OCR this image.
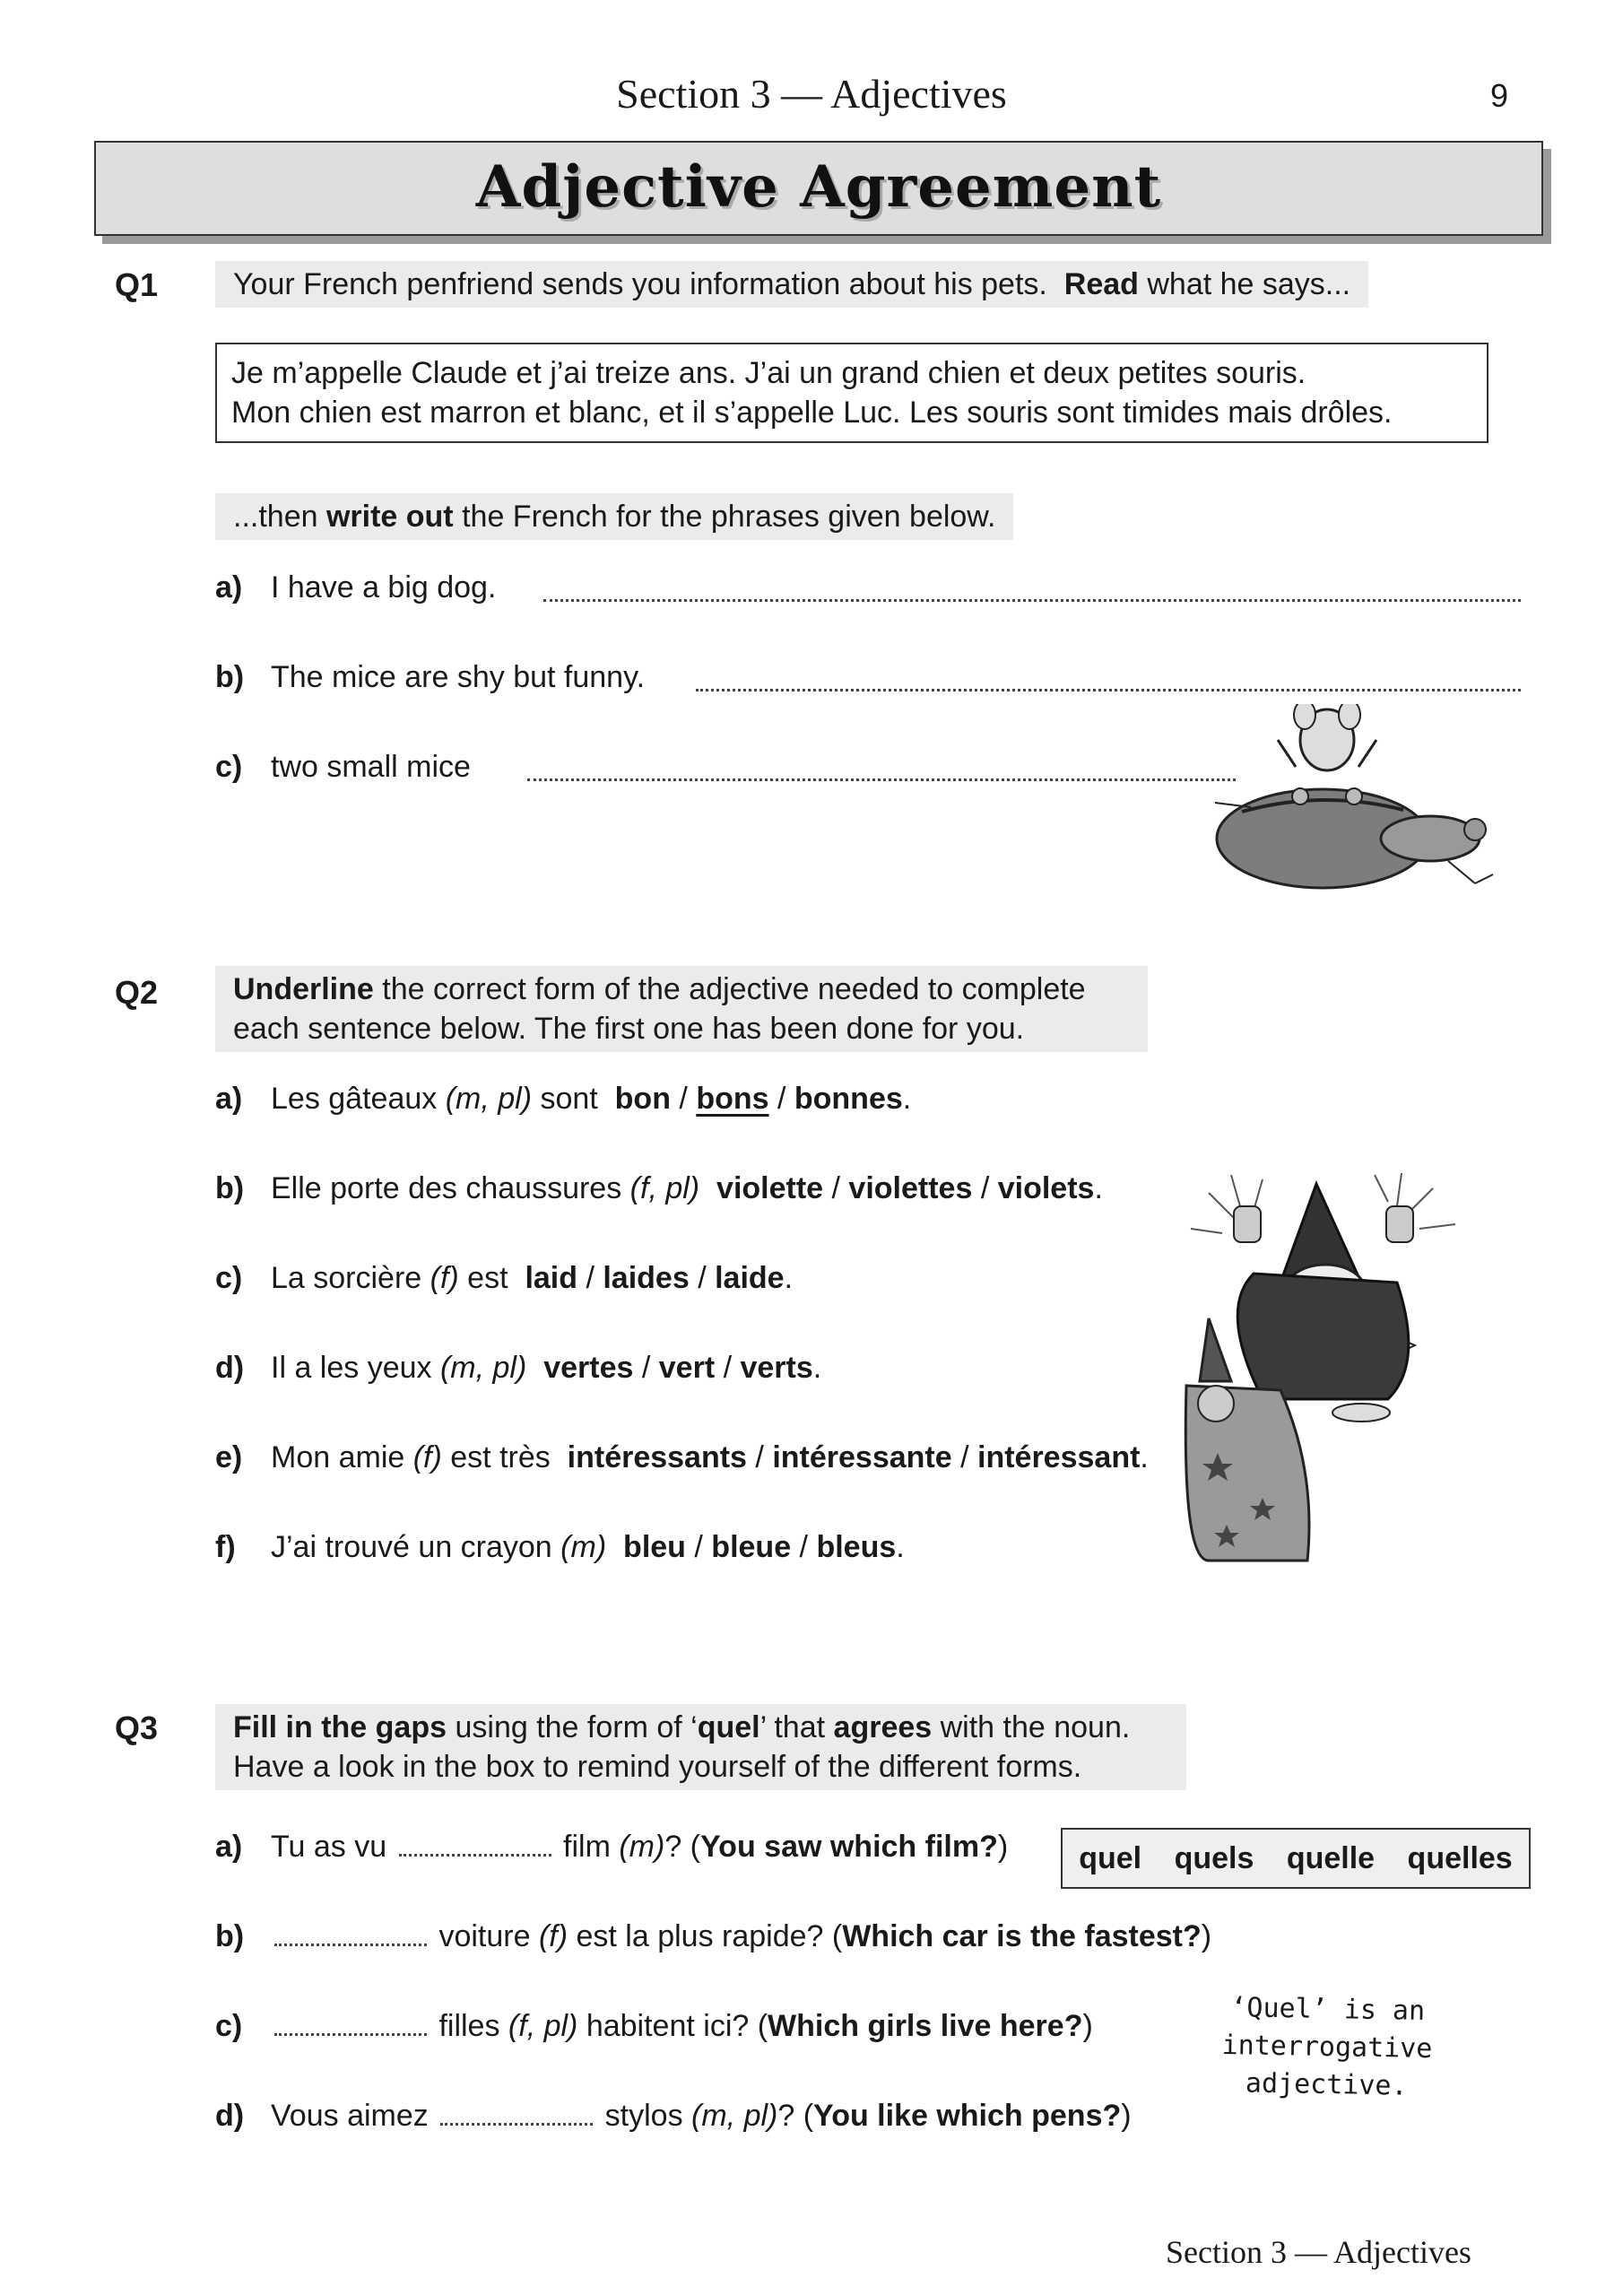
Section 3 — Adjectives	9
Adjective Agreement
Q1	Your French penfriend sends you information about his pets. Read what he says...
Je m’appelle Claude et j’ai treize ans. J’ai un grand chien et deux petites souris.
Mon chien est marron et blanc, et il s’appelle Luc. Les souris sont timides mais drôles.
...then write out the French for the phrases given below.
a) I have a big dog.
b) The mice are shy but funny.
c) two small mice
Q2 Underline the correct form of the adjective needed to complete
each sentence below. The first one has been done for you.
a) Les gâteaux (m, pl) sont  bon / bons / bonnes.
b) Elle porte des chaussures (f, pl) violette / violettes / violets.
c) La sorcière (f) est  laid / laides / laide.
d) Il a les yeux (m, pl) vertes / vert / verts.
e) Mon amie (f) est très  intéressants / intéressante / intéressant.
f) J’ai trouvé un crayon (m) bleu / bleue / bleus.
Q3 Fill in the gaps using the form of ‘quel’ that agrees with the noun.
Have a look in the box to remind yourself of the different forms.
a) Tu as vu	film (m)? (You saw which film?)
b)	voiture (f) est la plus rapide? (Which car is the fastest?)
c)	filles (f, pl) habitent ici? (Which girls live here?)
d) Vous aimez	stylos (m, pl)? (You like which pens?)
quel quels quelle quelles
‘Quel’ is an interrogative adjective.
Section 3 — Adjectives
